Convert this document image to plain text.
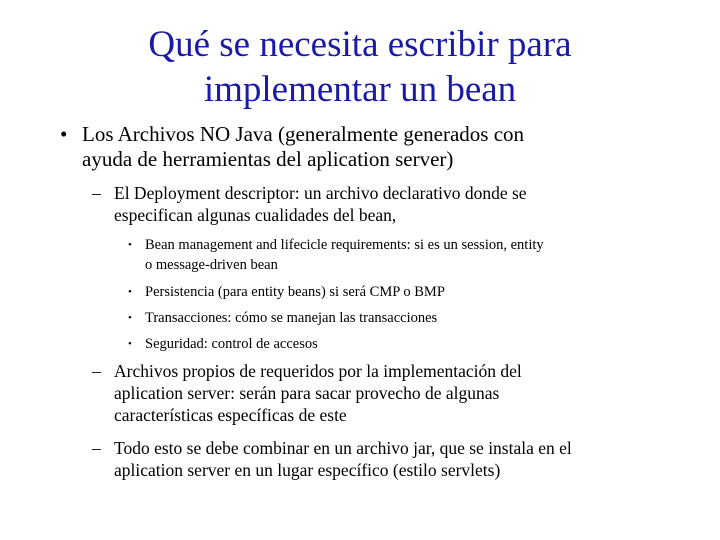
Qué se necesita escribir para
implementar un bean
• Los Archivos NO Java (generalmente generados con
ayuda de herramientas del aplication server)
– El Deployment descriptor: un archivo declarativo donde se
especifican algunas cualidades del bean,
• Bean management and lifecicle requirements: si es un session, entity
o message-driven bean
• Persistencia (para entity beans) si será CMP o BMP
• Transacciones: cómo se manejan las transacciones
• Seguridad: control de accesos
– Archivos propios de requeridos por la implementación del
aplication server: serán para sacar provecho de algunas
características específicas de este
– Todo esto se debe combinar en un archivo jar, que se instala en el
aplication server en un lugar específico (estilo servlets)
